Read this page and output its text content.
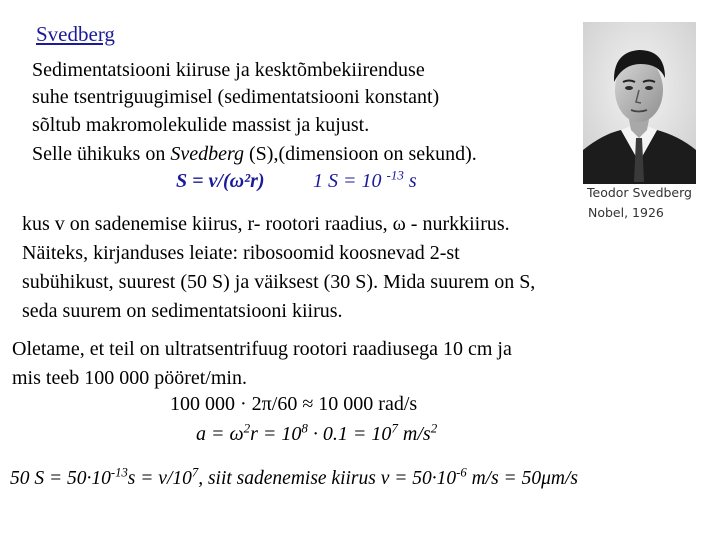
Svedberg
Sedimentatsiooni kiiruse ja kesktõmbekiirenduse
suhe tsentriguugimisel (sedimentatsiooni konstant)
sõltub makromolekulide massist ja kujust.
Selle ühikuks on Svedberg (S),(dimensioon on sekund).
S = v/(ω²r) 1 S = 10 $^{-13}$ s
Teodor Svedberg
Nobel, 1926
kus v on sadenemise kiirus, r- rootori raadius, ω - nurkkiirus.
Näiteks, kirjanduses leiate: ribosoomid koosnevad 2-st
subühikust, suurest (50 S) ja väiksest (30 S). Mida suurem on S,
seda suurem on sedimentatsiooni kiirus.
Oletame, et teil on ultratsentrifuug rootori raadiusega 10 cm ja
mis teeb 100 000 pööret/min.
100 000 · 2π/60 ≈ 10 000 rad/s
$a = \omega^2r = 10^8 \cdot 0.1 = 10^7$ $m/s^2$
50 $S = 50\cdot 10^{-13}s = v/10^7$, siit sadenemise kiirus $v = 50\cdot 10^{-6}$ m/s = 50μm/s
